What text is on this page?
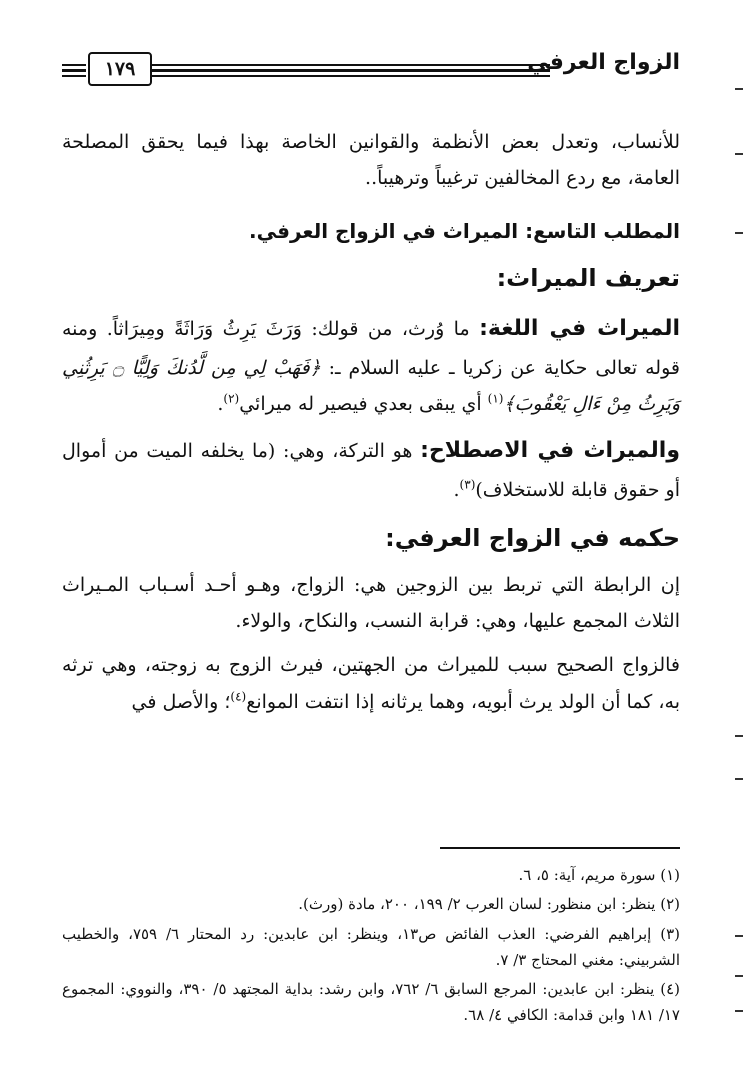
١٧٩	الزواج العرفي

للأنساب، وتعدل بعض الأنظمة والقوانين الخاصة بهذا فيما يحقق المصلحة العامة، مع ردع المخالفين ترغيباً وترهيباً..

المطلب التاسع: الميراث في الزواج العرفي.

تعريف الميراث:

الميراث في اللغة: ما وُرث، من قولك: وَرَثَ يَرِثُ وَرَاثَةً ومِيرَاثاً. ومنه قوله تعالى حكاية عن زكريا ـ عليه السلام ـ: ﴿فَهَبْ لِي مِن لَّدُنكَ وَلِيًّا ۝ يَرِثُنِي وَيَرِثُ مِنْ ءَالِ يَعْقُوبَ﴾$^{(١)}$ أي يبقى بعدي فيصير له ميرائي$^{(٢)}$.

والميراث في الاصطلاح: هو التركة، وهي: (ما يخلفه الميت من أموال أو حقوق قابلة للاستخلاف)$^{(٣)}$.

حكمه في الزواج العرفي:

إن الرابطة التي تربط بين الزوجين هي: الزواج، وهـو أحـد أسـباب المـيراث الثلاث المجمع عليها، وهي: قرابة النسب، والنكاح، والولاء.

فالزواج الصحيح سبب للميراث من الجهتين، فيرث الزوج به زوجته، وهي ترثه به، كما أن الولد يرث أبويه، وهما يرثانه إذا انتفت الموانع$^{(٤)}$؛ والأصل في

(١) سورة مريم، آية: ٥، ٦.
(٢) ينظر: ابن منظور: لسان العرب ٢/ ١٩٩، ٢٠٠، مادة (ورث).
(٣) إبراهيم الفرضي: العذب الفائض ص١٣، وينظر: ابن عابدين: رد المحتار ٦/ ٧٥٩، والخطيب الشربيني: مغني المحتاج ٣/ ٧.
(٤) ينظر: ابن عابدين: المرجع السابق ٦/ ٧٦٢، وابن رشد: بداية المجتهد ٥/ ٣٩٠، والنووي: المجموع ١٧/ ١٨١ وابن قدامة: الكافي ٤/ ٦٨.
